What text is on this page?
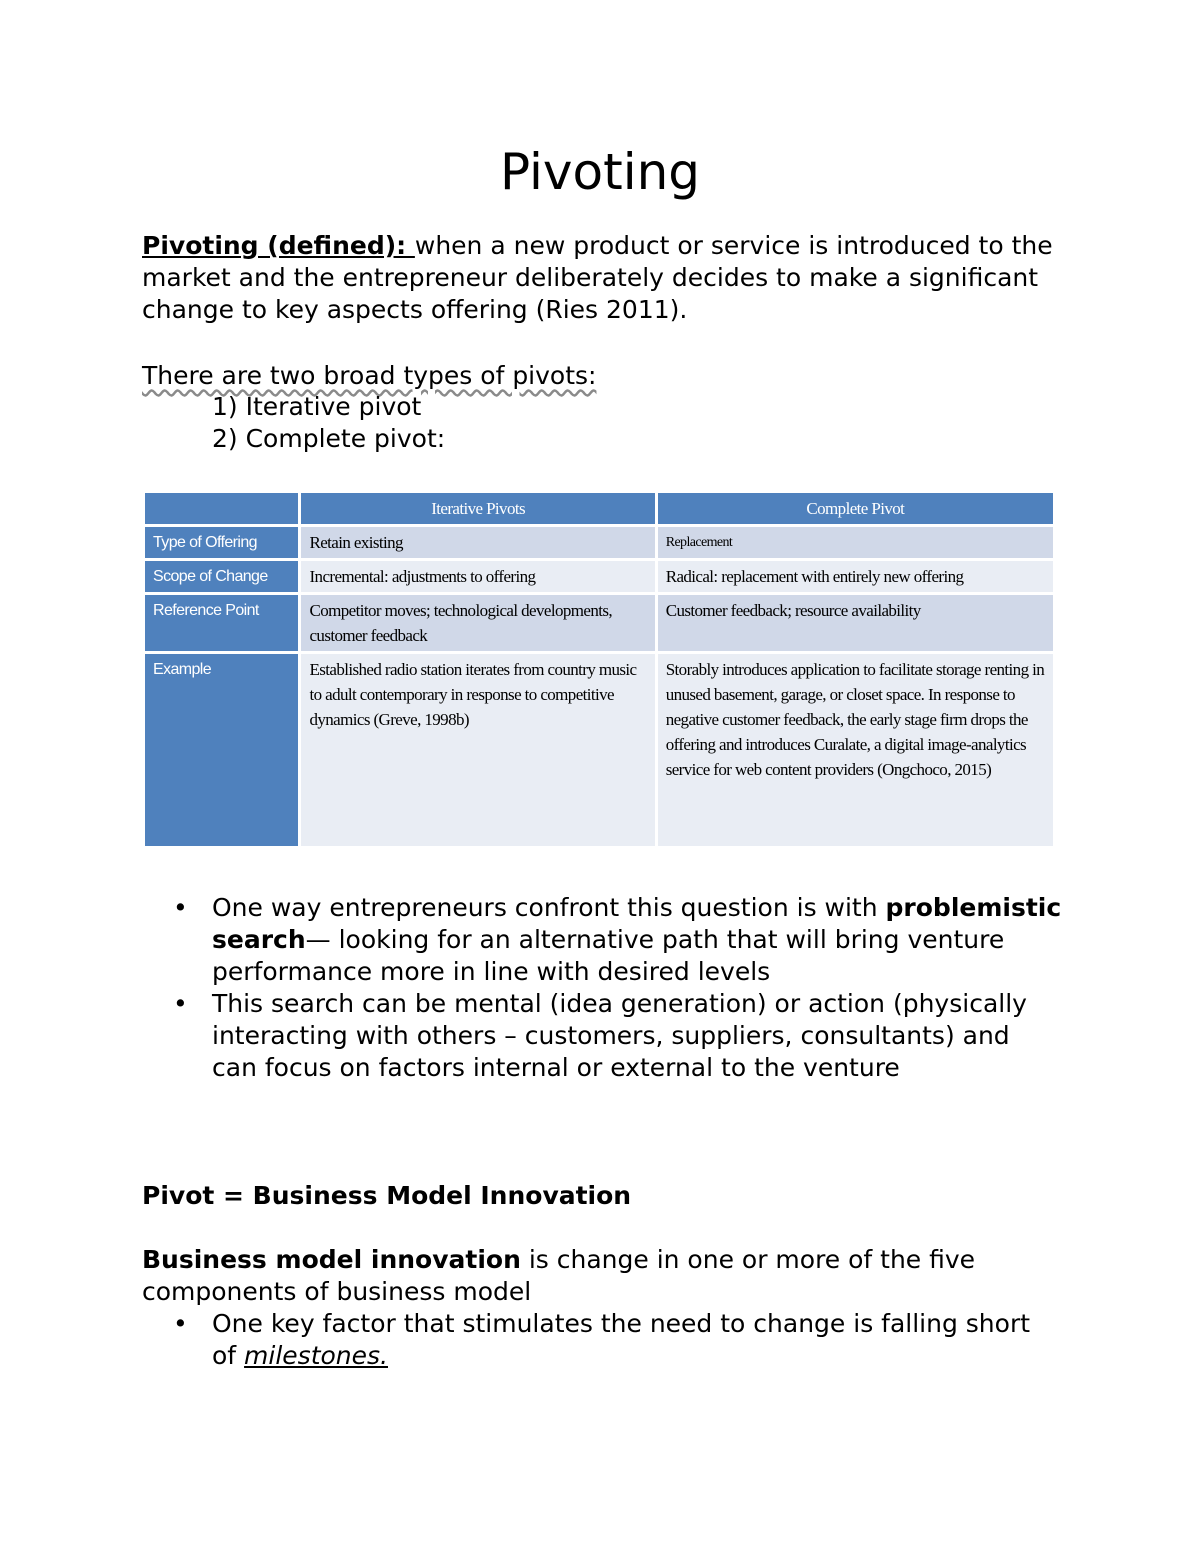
Pivoting

Pivoting (defined): when a new product or service is introduced to the market and the entrepreneur deliberately decides to make a significant change to key aspects offering (Ries 2011).

There are two broad types of pivots:

1) Iterative pivot
2) Complete pivot:
	Iterative Pivots	Complete Pivot
Type of Offering	Retain existing	Replacement
Scope of Change	Incremental: adjustments to offering	Radical: replacement with entirely new offering
Reference Point	Competitor moves; technological developments, customer feedback	Customer feedback; resource availability
Example	Established radio station iterates from country music to adult contemporary in response to competitive dynamics (Greve, 1998b)	Storably introduces application to facilitate storage renting in unused basement, garage, or closet space. In response to negative customer feedback, the early stage firm drops the offering and introduces Curalate, a digital image-analytics service for web content providers (Ongchoco, 2015)
• One way entrepreneurs confront this question is with problemistic search— looking for an alternative path that will bring venture performance more in line with desired levels
• This search can be mental (idea generation) or action (physically interacting with others – customers, suppliers, consultants) and can focus on factors internal or external to the venture

Pivot = Business Model Innovation

Business model innovation is change in one or more of the five components of business model

• One key factor that stimulates the need to change is falling short of milestones.
